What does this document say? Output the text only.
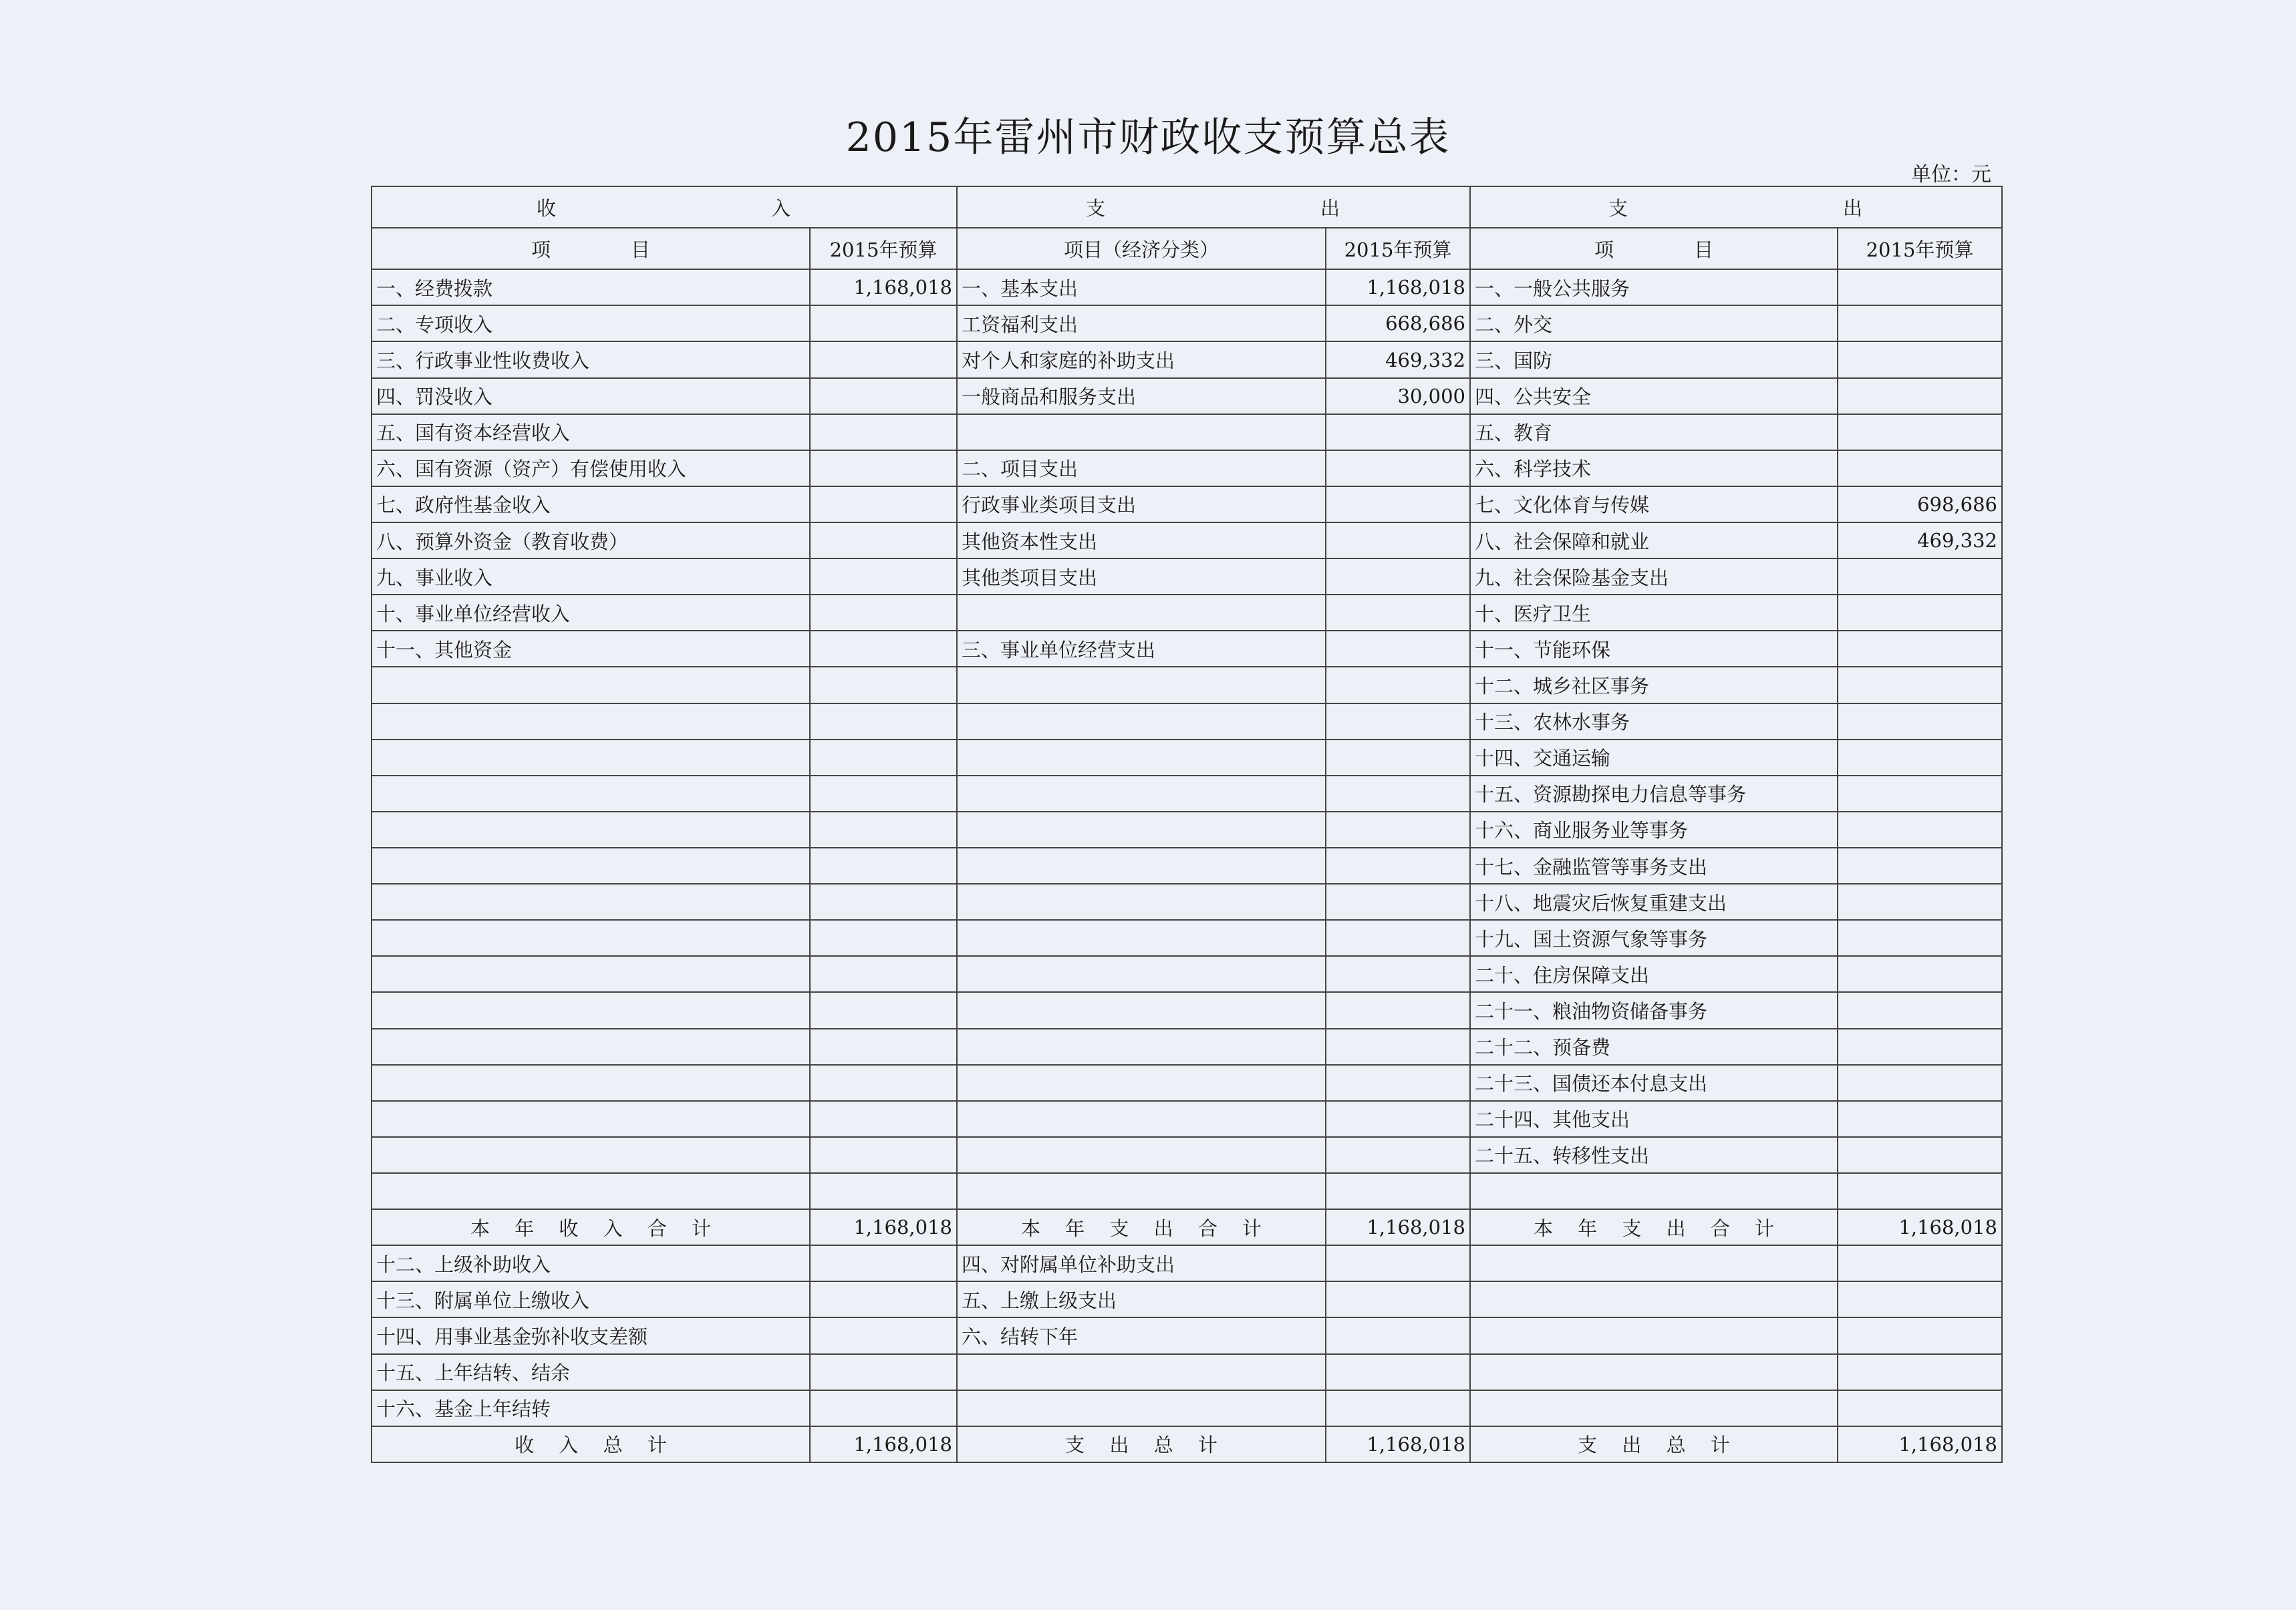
2015年雷州市财政收支预算总表
单位：元
收 入		支 出		支 出	
项 目	2015年预算	项目（经济分类）	2015年预算	项 目	2015年预算
一、经费拨款	1,168,018	一、基本支出	1,168,018	一、一般公共服务	
二、专项收入		工资福利支出	668,686	二、外交	
三、行政事业性收费收入		对个人和家庭的补助支出	469,332	三、国防	
四、罚没收入		一般商品和服务支出	30,000	四、公共安全	
五、国有资本经营收入				五、教育	
六、国有资源（资产）有偿使用收入		二、项目支出		六、科学技术	
七、政府性基金收入		行政事业类项目支出		七、文化体育与传媒	698,686
八、预算外资金（教育收费）		其他资本性支出		八、社会保障和就业	469,332
九、事业收入		其他类项目支出		九、社会保险基金支出	
十、事业单位经营收入				十、医疗卫生	
十一、其他资金		三、事业单位经营支出		十一、节能环保	
				十二、城乡社区事务	
				十三、农林水事务	
				十四、交通运输	
				十五、资源勘探电力信息等事务	
				十六、商业服务业等事务	
				十七、金融监管等事务支出	
				十八、地震灾后恢复重建支出	
				十九、国土资源气象等事务	
				二十、住房保障支出	
				二十一、粮油物资储备事务	
				二十二、预备费	
				二十三、国债还本付息支出	
				二十四、其他支出	
				二十五、转移性支出	

本 年 收 入 合 计	1,168,018	本 年 支 出 合 计	1,168,018	本 年 支 出 合 计	1,168,018
十二、上级补助收入		四、对附属单位补助支出			
十三、附属单位上缴收入		五、上缴上级支出			
十四、用事业基金弥补收支差额		六、结转下年			
十五、上年结转、结余					
十六、基金上年结转					
收 入 总 计	1,168,018	支 出 总 计	1,168,018	支 出 总 计	1,168,018
